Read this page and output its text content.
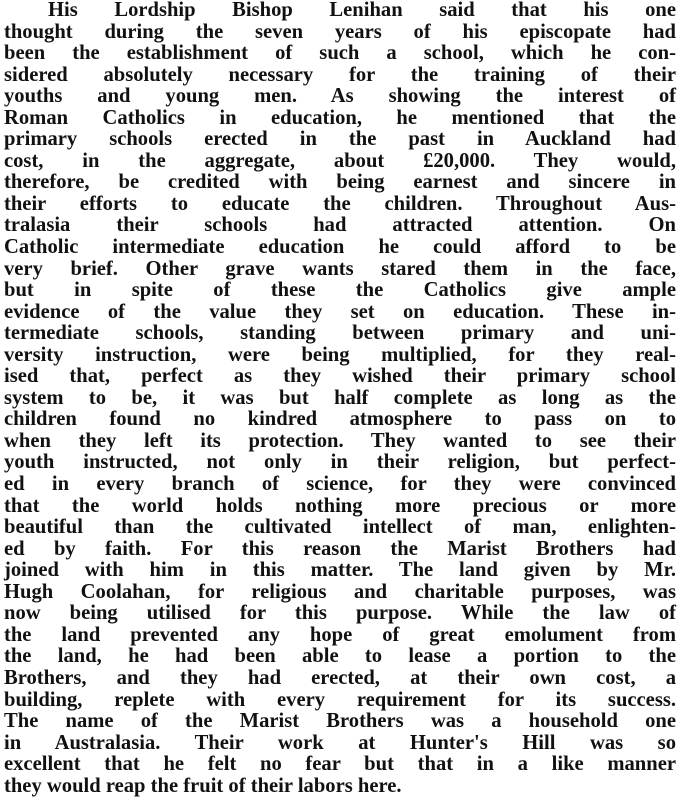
His Lordship Bishop Lenihan said that his one
thought during the seven years of his episcopate had
been the establishment of such a school, which he con-
sidered absolutely necessary for the training of their
youths and young men. As showing the interest of
Roman Catholics in education, he mentioned that the
primary schools erected in the past in Auckland had
cost, in the aggregate, about £20,000. They would,
therefore, be credited with being earnest and sincere in
their efforts to educate the children. Throughout Aus-
tralasia their schools had attracted attention. On
Catholic intermediate education he could afford to be
very brief. Other grave wants stared them in the face,
but in spite of these the Catholics give ample
evidence of the value they set on education. These in-
termediate schools, standing between primary and uni-
versity instruction, were being multiplied, for they real-
ised that, perfect as they wished their primary school
system to be, it was but half complete as long as the
children found no kindred atmosphere to pass on to
when they left its protection. They wanted to see their
youth instructed, not only in their religion, but perfect-
ed in every branch of science, for they were convinced
that the world holds nothing more precious or more
beautiful than the cultivated intellect of man, enlighten-
ed by faith. For this reason the Marist Brothers had
joined with him in this matter. The land given by Mr.
Hugh Coolahan, for religious and charitable purposes, was
now being utilised for this purpose. While the law of
the land prevented any hope of great emolument from
the land, he had been able to lease a portion to the
Brothers, and they had erected, at their own cost, a
building, replete with every requirement for its success.
The name of the Marist Brothers was a household one
in Australasia. Their work at Hunter's Hill was so
excellent that he felt no fear but that in a like manner
they would reap the fruit of their labors here.
